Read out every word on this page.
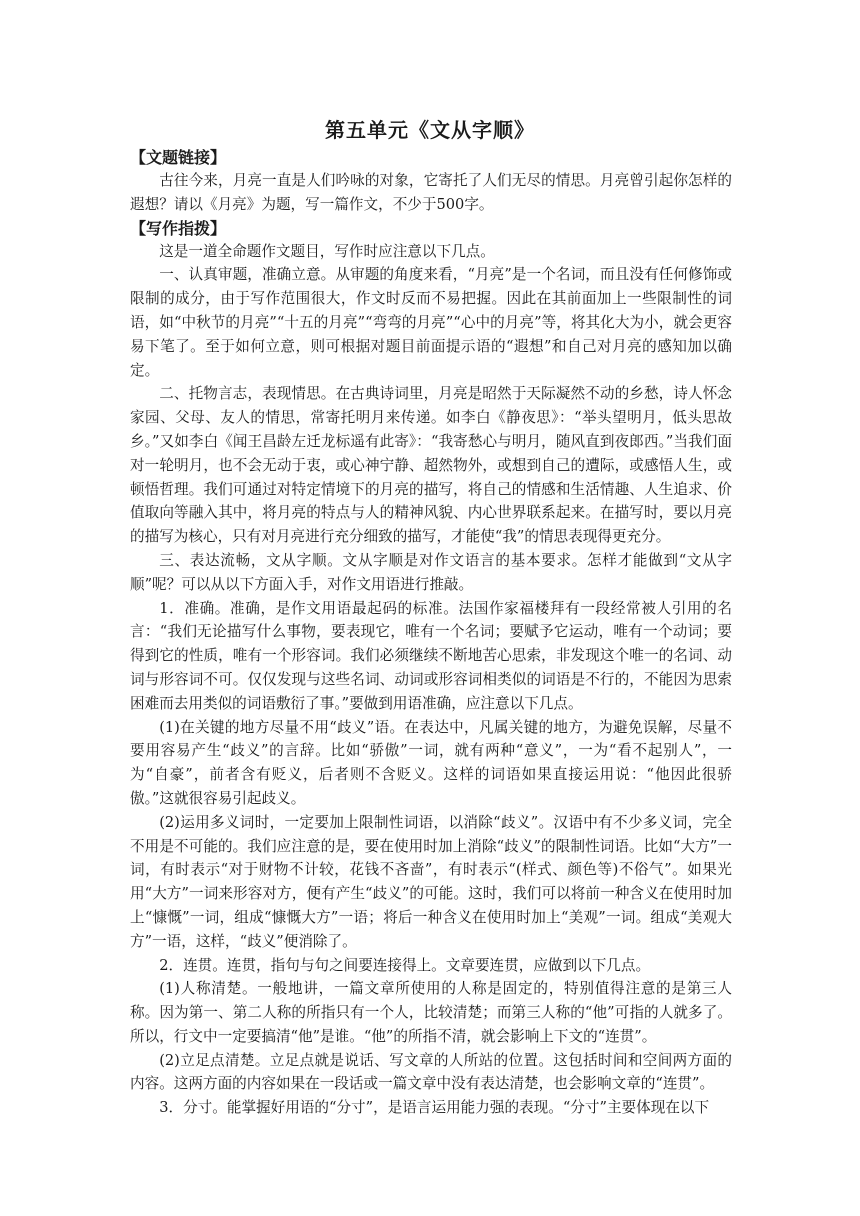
第五单元《文从字顺》
【文题链接】

古往今来，月亮一直是人们吟咏的对象，它寄托了人们无尽的情思。月亮曾引起你怎样的遐想？请以《月亮》为题，写一篇作文，不少于500字。

【写作指拨】

这是一道全命题作文题目，写作时应注意以下几点。

一、认真审题，准确立意。从审题的角度来看，“月亮”是一个名词，而且没有任何修饰或限制的成分，由于写作范围很大，作文时反而不易把握。因此在其前面加上一些限制性的词语，如“中秋节的月亮”“十五的月亮”“弯弯的月亮”“心中的月亮”等，将其化大为小，就会更容易下笔了。至于如何立意，则可根据对题目前面提示语的“遐想”和自己对月亮的感知加以确定。

二、托物言志，表现情思。在古典诗词里，月亮是昭然于天际凝然不动的乡愁，诗人怀念家园、父母、友人的情思，常寄托明月来传递。如李白《静夜思》：“举头望明月，低头思故乡。”又如李白《闻王昌龄左迁龙标遥有此寄》：“我寄愁心与明月，随风直到夜郎西。”当我们面对一轮明月，也不会无动于衷，或心神宁静、超然物外，或想到自己的遭际，或感悟人生，或顿悟哲理。我们可通过对特定情境下的月亮的描写，将自己的情感和生活情趣、人生追求、价值取向等融入其中，将月亮的特点与人的精神风貌、内心世界联系起来。在描写时，要以月亮的描写为核心，只有对月亮进行充分细致的描写，才能使“我”的情思表现得更充分。

三、表达流畅，文从字顺。文从字顺是对作文语言的基本要求。怎样才能做到“文从字顺”呢？可以从以下方面入手，对作文用语进行推敲。

1．准确。准确，是作文用语最起码的标准。法国作家福楼拜有一段经常被人引用的名言：“我们无论描写什么事物，要表现它，唯有一个名词；要赋予它运动，唯有一个动词；要得到它的性质，唯有一个形容词。我们必须继续不断地苦心思索，非发现这个唯一的名词、动词与形容词不可。仅仅发现与这些名词、动词或形容词相类似的词语是不行的，不能因为思索困难而去用类似的词语敷衍了事。”要做到用语准确，应注意以下几点。

(1)在关键的地方尽量不用“歧义”语。在表达中，凡属关键的地方，为避免误解，尽量不要用容易产生“歧义”的言辞。比如“骄傲”一词，就有两种“意义”，一为“看不起别人”，一为“自豪”，前者含有贬义，后者则不含贬义。这样的词语如果直接运用说：“他因此很骄傲。”这就很容易引起歧义。

(2)运用多义词时，一定要加上限制性词语，以消除“歧义”。汉语中有不少多义词，完全不用是不可能的。我们应注意的是，要在使用时加上消除“歧义”的限制性词语。比如“大方”一词，有时表示“对于财物不计较，花钱不吝啬”，有时表示“(样式、颜色等)不俗气”。如果光用“大方”一词来形容对方，便有产生“歧义”的可能。这时，我们可以将前一种含义在使用时加上“慷慨”一词，组成“慷慨大方”一语；将后一种含义在使用时加上“美观”一词。组成“美观大方”一语，这样，“歧义”便消除了。

2．连贯。连贯，指句与句之间要连接得上。文章要连贯，应做到以下几点。

(1)人称清楚。一般地讲，一篇文章所使用的人称是固定的，特别值得注意的是第三人称。因为第一、第二人称的所指只有一个人，比较清楚；而第三人称的“他”可指的人就多了。所以，行文中一定要搞清“他”是谁。“他”的所指不清，就会影响上下文的“连贯”。

(2)立足点清楚。立足点就是说话、写文章的人所站的位置。这包括时间和空间两方面的内容。这两方面的内容如果在一段话或一篇文章中没有表达清楚，也会影响文章的“连贯”。

3．分寸。能掌握好用语的“分寸”，是语言运用能力强的表现。“分寸”主要体现在以下
